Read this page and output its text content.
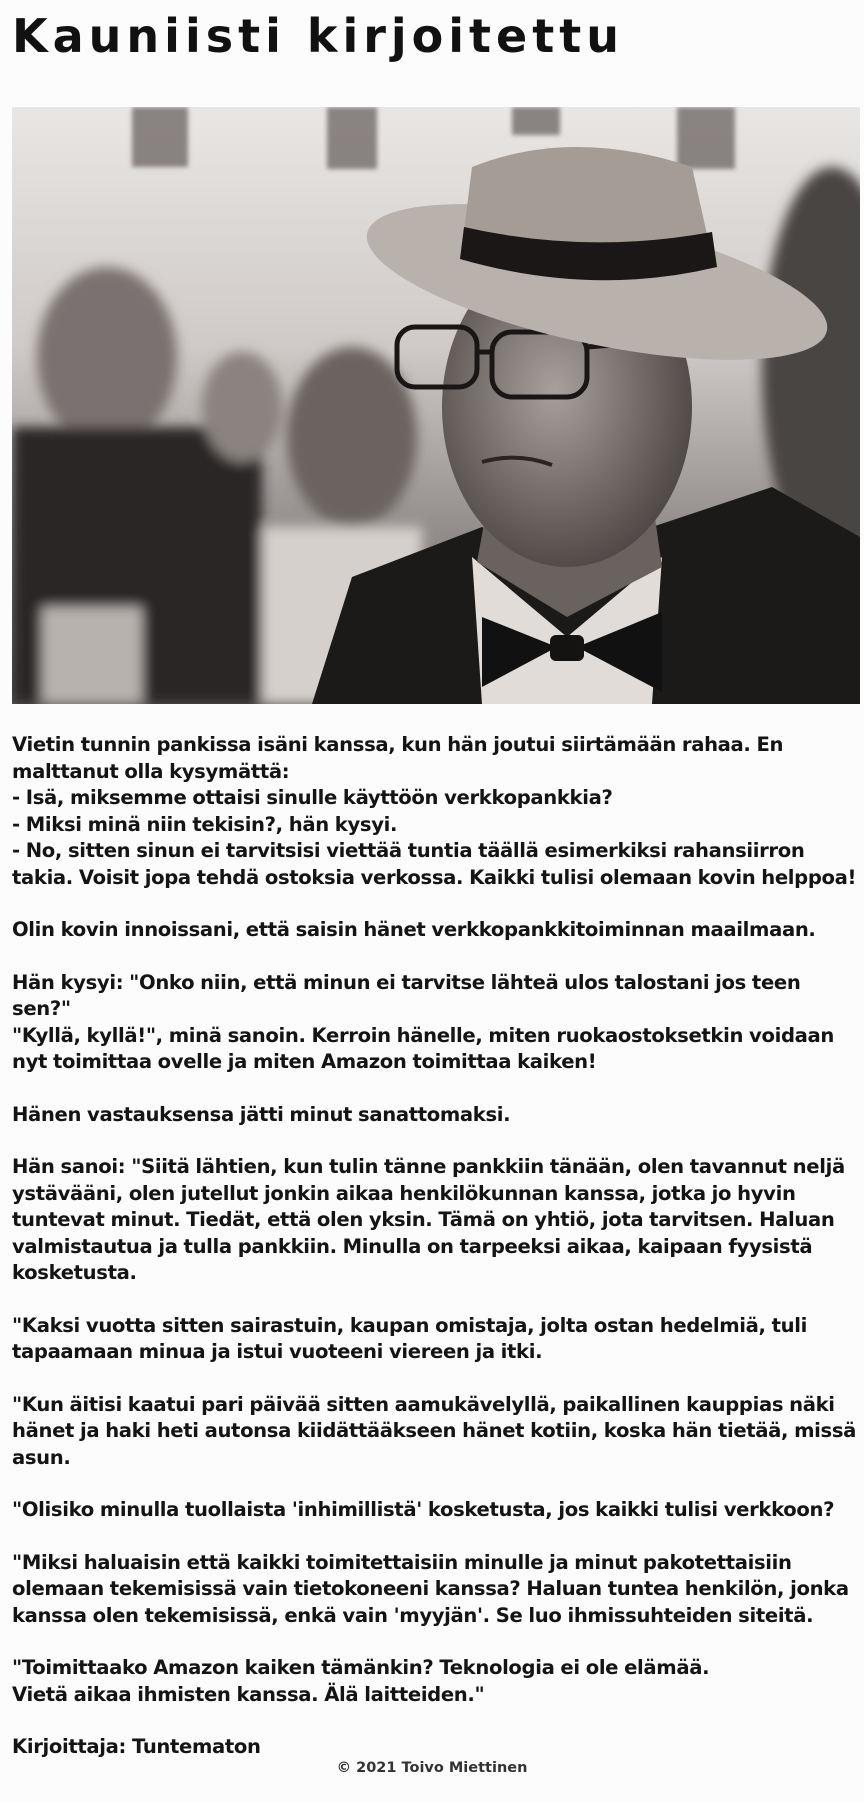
Kauniisti kirjoitettu

Vietin tunnin pankissa isäni kanssa, kun hän joutui siirtämään rahaa. En malttanut olla kysymättä:
- Isä, miksemme ottaisi sinulle käyttöön verkkopankkia?
- Miksi minä niin tekisin?, hän kysyi.
- No, sitten sinun ei tarvitsisi viettää tuntia täällä esimerkiksi rahansiirron takia. Voisit jopa tehdä ostoksia verkossa. Kaikki tulisi olemaan kovin helppoa!

Olin kovin innoissani, että saisin hänet verkkopankkitoiminnan maailmaan.

Hän kysyi: "Onko niin, että minun ei tarvitse lähteä ulos talostani jos teen sen?"
"Kyllä, kyllä!", minä sanoin. Kerroin hänelle, miten ruokaostoksetkin voidaan nyt toimittaa ovelle ja miten Amazon toimittaa kaiken!

Hänen vastauksensa jätti minut sanattomaksi.

Hän sanoi: "Siitä lähtien, kun tulin tänne pankkiin tänään, olen tavannut neljä ystävääni, olen jutellut jonkin aikaa henkilökunnan kanssa, jotka jo hyvin tuntevat minut. Tiedät, että olen yksin. Tämä on yhtiö, jota tarvitsen. Haluan valmistautua ja tulla pankkiin. Minulla on tarpeeksi aikaa, kaipaan fyysistä kosketusta.

"Kaksi vuotta sitten sairastuin, kaupan omistaja, jolta ostan hedelmiä, tuli tapaamaan minua ja istui vuoteeni viereen ja itki.

"Kun äitisi kaatui pari päivää sitten aamukävelyllä, paikallinen kauppias näki hänet ja haki heti autonsa kiidättääkseen hänet kotiin, koska hän tietää, missä asun.

"Olisiko minulla tuollaista 'inhimillistä' kosketusta, jos kaikki tulisi verkkoon?

"Miksi haluaisin että kaikki toimitettaisiin minulle ja minut pakotettaisiin olemaan tekemisissä vain tietokoneeni kanssa? Haluan tuntea henkilön, jonka kanssa olen tekemisissä, enkä vain 'myyjän'. Se luo ihmissuhteiden siteitä.

"Toimittaako Amazon kaiken tämänkin? Teknologia ei ole elämää.
Vietä aikaa ihmisten kanssa. Älä laitteiden."

Kirjoittaja: Tuntematon

© 2021 Toivo Miettinen
